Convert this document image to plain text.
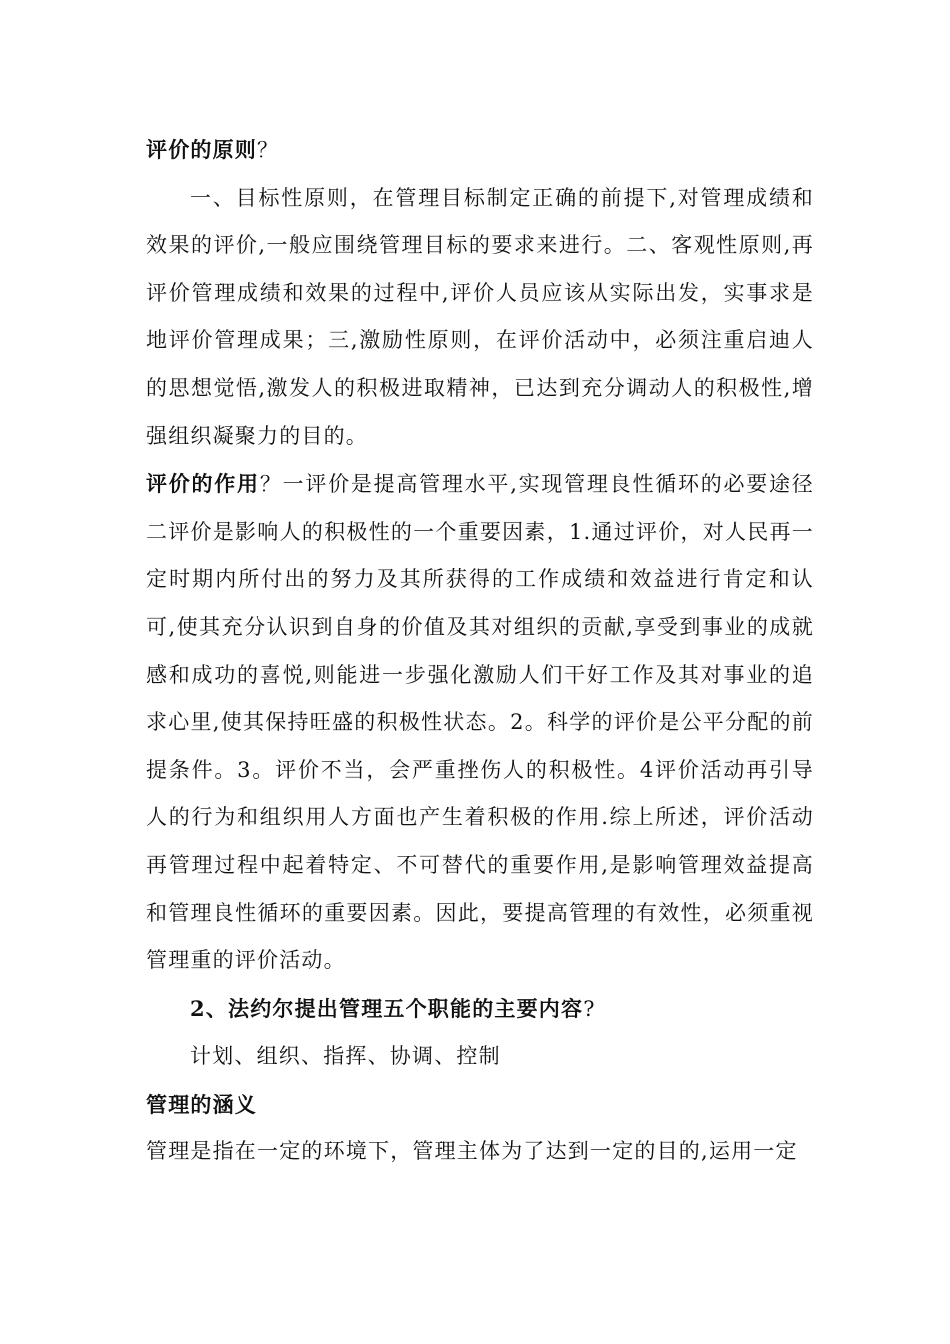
评价的原则？

一、目标性原则，在管理目标制定正确的前提下,对管理成绩和效果的评价,一般应围绕管理目标的要求来进行。二、客观性原则,再评价管理成绩和效果的过程中,评价人员应该从实际出发，实事求是地评价管理成果；三,激励性原则，在评价活动中，必须注重启迪人的思想觉悟,激发人的积极进取精神，已达到充分调动人的积极性,增强组织凝聚力的目的。

评价的作用？一评价是提高管理水平,实现管理良性循环的必要途径二评价是影响人的积极性的一个重要因素，1.通过评价，对人民再一定时期内所付出的努力及其所获得的工作成绩和效益进行肯定和认可,使其充分认识到自身的价值及其对组织的贡献,享受到事业的成就感和成功的喜悦,则能进一步强化激励人们干好工作及其对事业的追求心里,使其保持旺盛的积极性状态。2。科学的评价是公平分配的前提条件。3。评价不当，会严重挫伤人的积极性。4评价活动再引导人的行为和组织用人方面也产生着积极的作用.综上所述，评价活动再管理过程中起着特定、不可替代的重要作用,是影响管理效益提高和管理良性循环的重要因素。因此，要提高管理的有效性，必须重视管理重的评价活动。

2、法约尔提出管理五个职能的主要内容?

计划、组织、指挥、协调、控制

管理的涵义

管理是指在一定的环境下，管理主体为了达到一定的目的,运用一定
